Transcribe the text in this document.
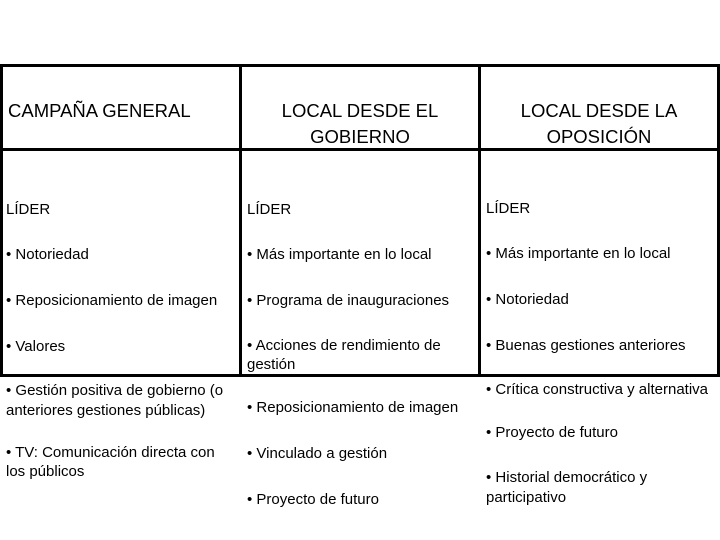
CAMPAÑA GENERAL	LOCAL DESDE EL GOBIERNO
LOCAL DESDE LA OPOSICIÓN

LÍDER

• Notoriedad

• Reposicionamiento de imagen

• Valores

• Gestión positiva de gobierno (o anteriores gestiones públicas)

• TV: Comunicación directa con los públicos

LÍDER

• Más importante en lo local

• Programa de inauguraciones

• Acciones de rendimiento de gestión

• Reposicionamiento de imagen

• Vinculado a gestión

• Proyecto de futuro

LÍDER

• Más importante en lo local

• Notoriedad

• Buenas gestiones anteriores

• Crítica constructiva y alternativa

• Proyecto de futuro

• Historial democrático y participativo
